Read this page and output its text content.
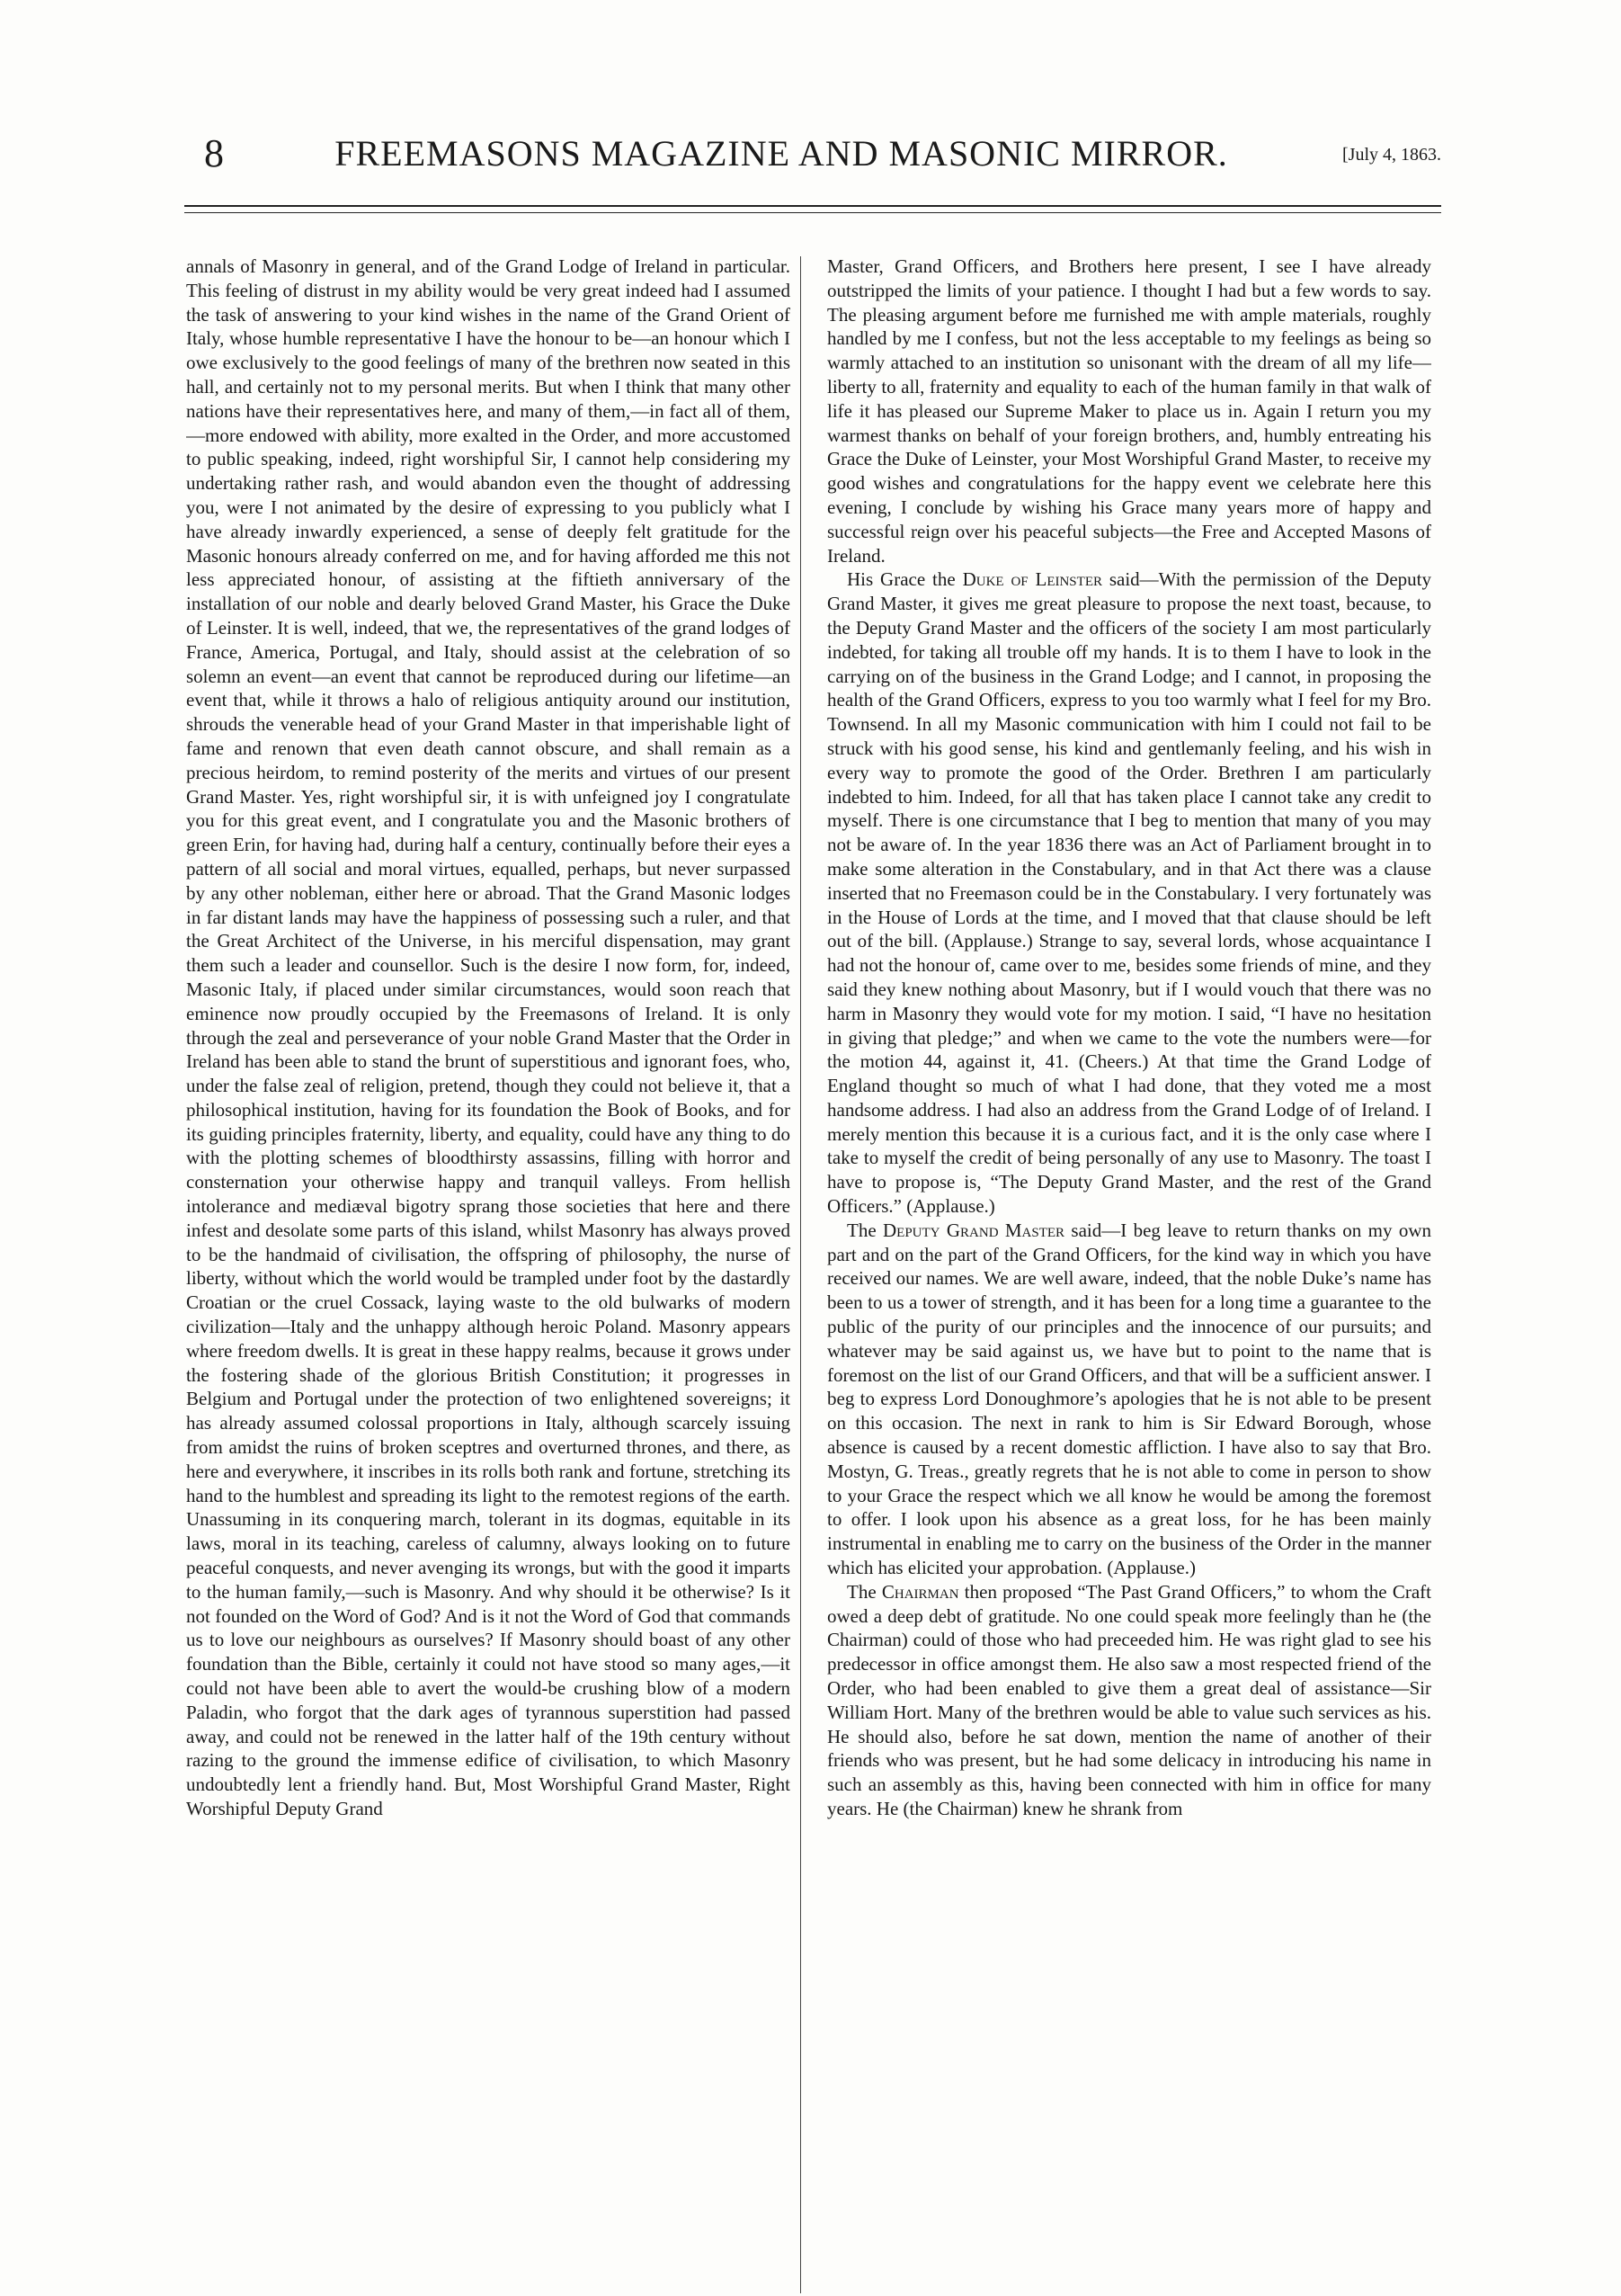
8	FREEMASONS MAGAZINE AND MASONIC MIRROR.	[July 4, 1863.

annals of Masonry in general, and of the Grand Lodge of Ireland in particular. This feeling of distrust in my ability would be very great indeed had I assumed the task of answering to your kind wishes in the name of the Grand Orient of Italy, whose humble representative I have the honour to be—an honour which I owe exclusively to the good feelings of many of the brethren now seated in this hall, and certainly not to my personal merits. But when I think that many other nations have their representatives here, and many of them,—in fact all of them,—more endowed with ability, more exalted in the Order, and more accustomed to public speaking, indeed, right worshipful Sir, I cannot help considering my undertaking rather rash, and would abandon even the thought of addressing you, were I not animated by the desire of expressing to you publicly what I have already inwardly experienced, a sense of deeply felt gratitude for the Masonic honours already conferred on me, and for having afforded me this not less appreciated honour, of assisting at the fiftieth anniversary of the installation of our noble and dearly beloved Grand Master, his Grace the Duke of Leinster. It is well, indeed, that we, the representatives of the grand lodges of France, America, Portugal, and Italy, should assist at the celebration of so solemn an event—an event that cannot be reproduced during our lifetime—an event that, while it throws a halo of religious antiquity around our institution, shrouds the venerable head of your Grand Master in that imperishable light of fame and renown that even death cannot obscure, and shall remain as a precious heirdom, to remind posterity of the merits and virtues of our present Grand Master. Yes, right worshipful sir, it is with unfeigned joy I congratulate you for this great event, and I congratulate you and the Masonic brothers of green Erin, for having had, during half a century, continually before their eyes a pattern of all social and moral virtues, equalled, perhaps, but never surpassed by any other nobleman, either here or abroad. That the Grand Masonic lodges in far distant lands may have the happiness of possessing such a ruler, and that the Great Architect of the Universe, in his merciful dispensation, may grant them such a leader and counsellor. Such is the desire I now form, for, indeed, Masonic Italy, if placed under similar circumstances, would soon reach that eminence now proudly occupied by the Freemasons of Ireland. It is only through the zeal and perseverance of your noble Grand Master that the Order in Ireland has been able to stand the brunt of superstitious and ignorant foes, who, under the false zeal of religion, pretend, though they could not believe it, that a philosophical institution, having for its foundation the Book of Books, and for its guiding principles fraternity, liberty, and equality, could have any thing to do with the plotting schemes of bloodthirsty assassins, filling with horror and consternation your otherwise happy and tranquil valleys. From hellish intolerance and mediæval bigotry sprang those societies that here and there infest and desolate some parts of this island, whilst Masonry has always proved to be the handmaid of civilisation, the offspring of philosophy, the nurse of liberty, without which the world would be trampled under foot by the dastardly Croatian or the cruel Cossack, laying waste to the old bulwarks of modern civilization—Italy and the unhappy although heroic Poland. Masonry appears where freedom dwells. It is great in these happy realms, because it grows under the fostering shade of the glorious British Constitution; it progresses in Belgium and Portugal under the protection of two enlightened sovereigns; it has already assumed colossal proportions in Italy, although scarcely issuing from amidst the ruins of broken sceptres and overturned thrones, and there, as here and everywhere, it inscribes in its rolls both rank and fortune, stretching its hand to the humblest and spreading its light to the remotest regions of the earth. Unassuming in its conquering march, tolerant in its dogmas, equitable in its laws, moral in its teaching, careless of calumny, always looking on to future peaceful conquests, and never avenging its wrongs, but with the good it imparts to the human family,—such is Masonry. And why should it be otherwise? Is it not founded on the Word of God? And is it not the Word of God that commands us to love our neighbours as ourselves? If Masonry should boast of any other foundation than the Bible, certainly it could not have stood so many ages,—it could not have been able to avert the would-be crushing blow of a modern Paladin, who forgot that the dark ages of tyrannous superstition had passed away, and could not be renewed in the latter half of the 19th century without razing to the ground the immense edifice of civilisation, to which Masonry undoubtedly lent a friendly hand. But, Most Worshipful Grand Master, Right Worshipful Deputy Grand

Master, Grand Officers, and Brothers here present, I see I have already outstripped the limits of your patience. I thought I had but a few words to say. The pleasing argument before me furnished me with ample materials, roughly handled by me I confess, but not the less acceptable to my feelings as being so warmly attached to an institution so unisonant with the dream of all my life—liberty to all, fraternity and equality to each of the human family in that walk of life it has pleased our Supreme Maker to place us in. Again I return you my warmest thanks on behalf of your foreign brothers, and, humbly entreating his Grace the Duke of Leinster, your Most Worshipful Grand Master, to receive my good wishes and congratulations for the happy event we celebrate here this evening, I conclude by wishing his Grace many years more of happy and successful reign over his peaceful subjects—the Free and Accepted Masons of Ireland.

His Grace the Duke of Leinster said—With the permission of the Deputy Grand Master, it gives me great pleasure to propose the next toast, because, to the Deputy Grand Master and the officers of the society I am most particularly indebted, for taking all trouble off my hands. It is to them I have to look in the carrying on of the business in the Grand Lodge; and I cannot, in proposing the health of the Grand Officers, express to you too warmly what I feel for my Bro. Townsend. In all my Masonic communication with him I could not fail to be struck with his good sense, his kind and gentlemanly feeling, and his wish in every way to promote the good of the Order. Brethren I am particularly indebted to him. Indeed, for all that has taken place I cannot take any credit to myself. There is one circumstance that I beg to mention that many of you may not be aware of. In the year 1836 there was an Act of Parliament brought in to make some alteration in the Constabulary, and in that Act there was a clause inserted that no Freemason could be in the Constabulary. I very fortunately was in the House of Lords at the time, and I moved that that clause should be left out of the bill. (Applause.) Strange to say, several lords, whose acquaintance I had not the honour of, came over to me, besides some friends of mine, and they said they knew nothing about Masonry, but if I would vouch that there was no harm in Masonry they would vote for my motion. I said, “I have no hesitation in giving that pledge;” and when we came to the vote the numbers were—for the motion 44, against it, 41. (Cheers.) At that time the Grand Lodge of England thought so much of what I had done, that they voted me a most handsome address. I had also an address from the Grand Lodge of of Ireland. I merely mention this because it is a curious fact, and it is the only case where I take to myself the credit of being personally of any use to Masonry. The toast I have to propose is, “The Deputy Grand Master, and the rest of the Grand Officers.” (Applause.)

The Deputy Grand Master said—I beg leave to return thanks on my own part and on the part of the Grand Officers, for the kind way in which you have received our names. We are well aware, indeed, that the noble Duke’s name has been to us a tower of strength, and it has been for a long time a guarantee to the public of the purity of our principles and the innocence of our pursuits; and whatever may be said against us, we have but to point to the name that is foremost on the list of our Grand Officers, and that will be a sufficient answer. I beg to express Lord Donoughmore’s apologies that he is not able to be present on this occasion. The next in rank to him is Sir Edward Borough, whose absence is caused by a recent domestic affliction. I have also to say that Bro. Mostyn, G. Treas., greatly regrets that he is not able to come in person to show to your Grace the respect which we all know he would be among the foremost to offer. I look upon his absence as a great loss, for he has been mainly instrumental in enabling me to carry on the business of the Order in the manner which has elicited your approbation. (Applause.)

The Chairman then proposed “The Past Grand Officers,” to whom the Craft owed a deep debt of gratitude. No one could speak more feelingly than he (the Chairman) could of those who had preceeded him. He was right glad to see his predecessor in office amongst them. He also saw a most respected friend of the Order, who had been enabled to give them a great deal of assistance—Sir William Hort. Many of the brethren would be able to value such services as his. He should also, before he sat down, mention the name of another of their friends who was present, but he had some delicacy in introducing his name in such an assembly as this, having been connected with him in office for many years. He (the Chairman) knew he shrank from
